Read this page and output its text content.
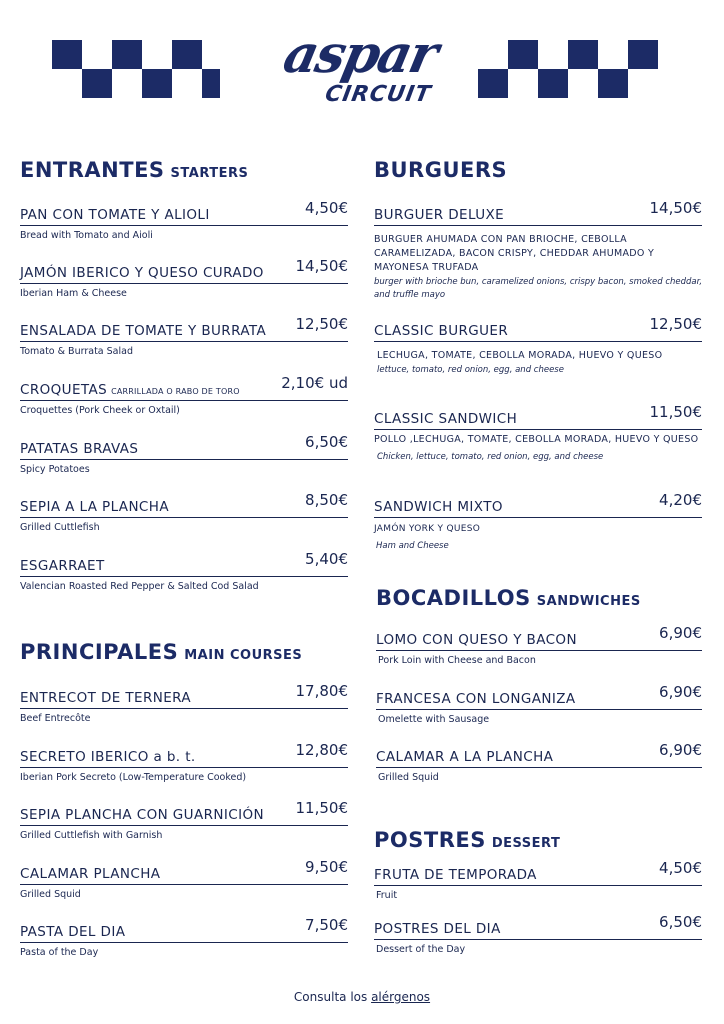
aspar
CIRCUIT
ENTRANTES STARTERS
PAN CON TOMATE Y ALIOLI	4,50€
Bread with Tomato and Aioli
JAMÓN IBERICO Y QUESO CURADO 14,50€
Iberian Ham & Cheese
ENSALADA DE TOMATE Y BURRATA 12,50€
Tomato & Burrata Salad
CROQUETAS CARRILLADA O RABO DE TORO	2,10€ ud
Croquettes (Pork Cheek or Oxtail)
PATATAS BRAVAS	6,50€
Spicy Potatoes
SEPIA A LA PLANCHA	8,50€
Grilled Cuttlefish
ESGARRAET	5,40€
Valencian Roasted Red Pepper & Salted Cod Salad
PRINCIPALES MAIN COURSES
ENTRECOT DE TERNERA	17,80€
Beef Entrecôte
SECRETO IBERICO a b. t.	12,80€
Iberian Pork Secreto (Low-Temperature Cooked)
SEPIA PLANCHA CON GUARNICIÓN 11,50€
Grilled Cuttlefish with Garnish
CALAMAR PLANCHA	9,50€
Grilled Squid
PASTA DEL DIA	7,50€
Pasta of the Day
BURGUERS
BURGUER DELUXE	14,50€
BURGUER AHUMADA CON PAN BRIOCHE, CEBOLLA CARAMELIZADA, BACON CRISPY, CHEDDAR AHUMADO Y MAYONESA TRUFADA
burger with brioche bun, caramelized onions, crispy bacon, smoked cheddar, and truffle mayo
CLASSIC BURGUER	12,50€
LECHUGA, TOMATE, CEBOLLA MORADA, HUEVO Y QUESO
lettuce, tomato, red onion, egg, and cheese
CLASSIC SANDWICH	11,50€
POLLO ,LECHUGA, TOMATE, CEBOLLA MORADA, HUEVO Y QUESO
Chicken, lettuce, tomato, red onion, egg, and cheese
SANDWICH MIXTO	4,20€
JAMÓN YORK Y QUESO
Ham and Cheese
BOCADILLOS SANDWICHES
LOMO CON QUESO Y BACON	6,90€
Pork Loin with Cheese and Bacon
FRANCESA CON LONGANIZA	6,90€
Omelette with Sausage
CALAMAR A LA PLANCHA	6,90€
Grilled Squid
POSTRES DESSERT
FRUTA DE TEMPORADA	4,50€
Fruit
POSTRES DEL DIA	6,50€
Dessert of the Day
Consulta los alérgenos
